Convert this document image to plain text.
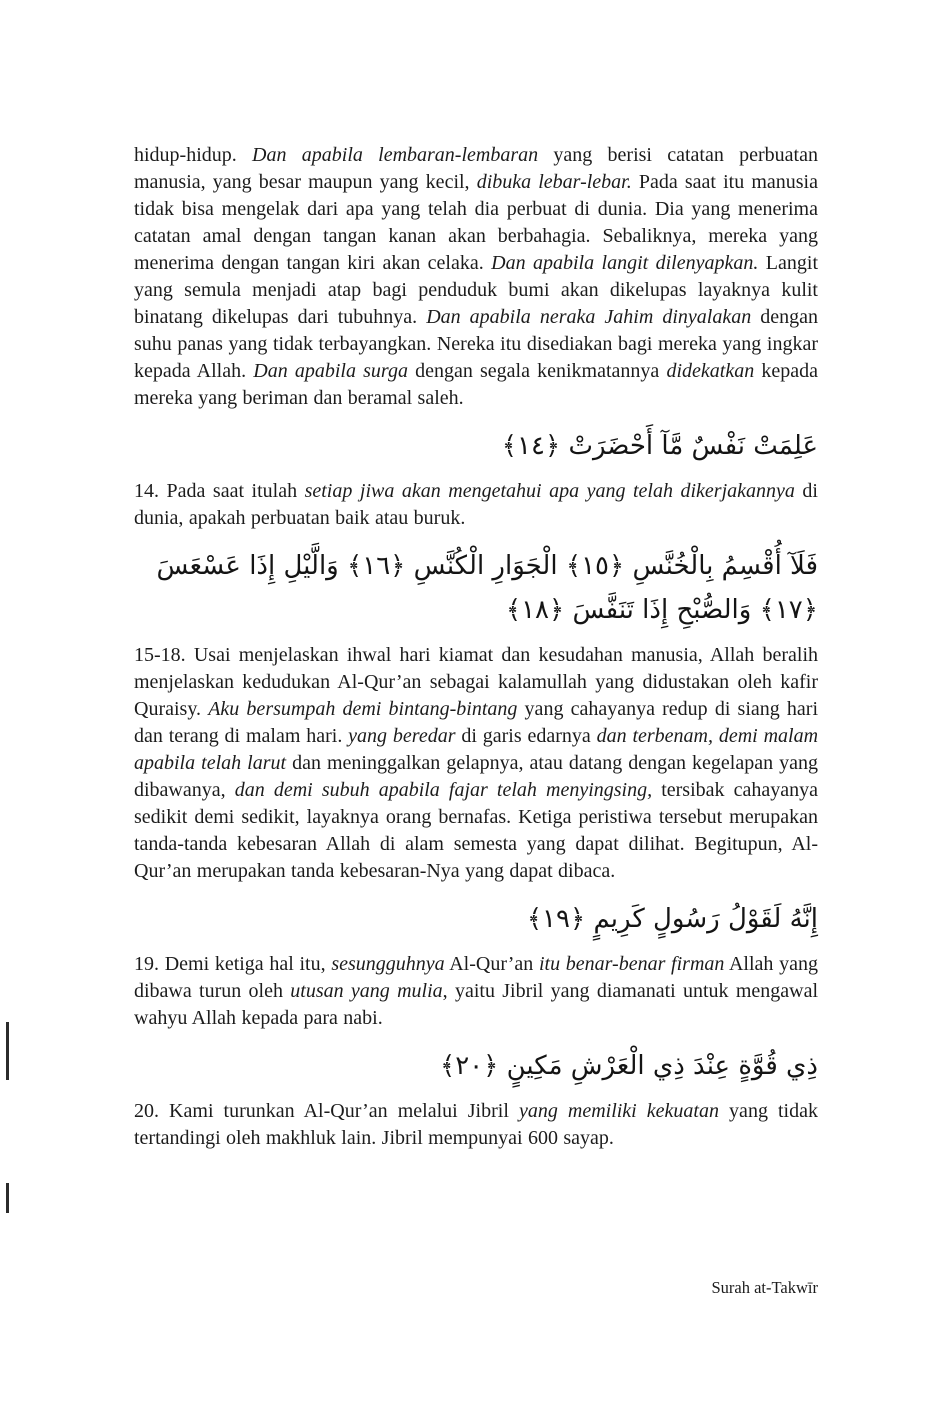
hidup-hidup. Dan apabila lembaran-lembaran yang berisi catatan perbuatan manusia, yang besar maupun yang kecil, dibuka lebar-lebar. Pada saat itu manusia tidak bisa mengelak dari apa yang telah dia perbuat di dunia. Dia yang menerima catatan amal dengan tangan kanan akan berbahagia. Sebaliknya, mereka yang menerima dengan tangan kiri akan celaka. Dan apabila langit dilenyapkan. Langit yang semula menjadi atap bagi penduduk bumi akan dikelupas layaknya kulit binatang dikelupas dari tubuhnya. Dan apabila neraka Jahim dinyalakan dengan suhu panas yang tidak terbayangkan. Nereka itu disediakan bagi mereka yang ingkar kepada Allah. Dan apabila surga dengan segala kenikmatannya didekatkan kepada mereka yang beriman dan beramal saleh.

عَلِمَتْ نَفْسٌ مَّآ أَحْضَرَتْ ﴿١٤﴾

14. Pada saat itulah setiap jiwa akan mengetahui apa yang telah dikerjakannya di dunia, apakah perbuatan baik atau buruk.

فَلَآ أُقْسِمُ بِالْخُنَّسِ ﴿١٥﴾ الْجَوَارِ الْكُنَّسِ ﴿١٦﴾ وَالَّيْلِ إِذَا عَسْعَسَ ﴿١٧﴾ وَالصُّبْحِ إِذَا تَنَفَّسَ ﴿١٨﴾

15-18. Usai menjelaskan ihwal hari kiamat dan kesudahan manusia, Allah beralih menjelaskan kedudukan Al-Qur’an sebagai kalamullah yang didustakan oleh kafir Quraisy. Aku bersumpah demi bintang-bintang yang cahayanya redup di siang hari dan terang di malam hari. yang beredar di garis edarnya dan terbenam, demi malam apabila telah larut dan meninggalkan gelapnya, atau datang dengan kegelapan yang dibawanya, dan demi subuh apabila fajar telah menyingsing, tersibak cahayanya sedikit demi sedikit, layaknya orang bernafas. Ketiga peristiwa tersebut merupakan tanda-tanda kebesaran Allah di alam semesta yang dapat dilihat. Begitupun, Al-Qur’an merupakan tanda kebesaran-Nya yang dapat dibaca.

إِنَّهُ لَقَوْلُ رَسُولٍ كَرِيمٍ ﴿١٩﴾

19. Demi ketiga hal itu, sesungguhnya Al-Qur’an itu benar-benar firman Allah yang dibawa turun oleh utusan yang mulia, yaitu Jibril yang diamanati untuk mengawal wahyu Allah kepada para nabi.

ذِي قُوَّةٍ عِنْدَ ذِي الْعَرْشِ مَكِينٍ ﴿٢٠﴾

20. Kami turunkan Al-Qur’an melalui Jibril yang memiliki kekuatan yang tidak tertandingi oleh makhluk lain. Jibril mempunyai 600 sayap.

Surah at-Takwīr
